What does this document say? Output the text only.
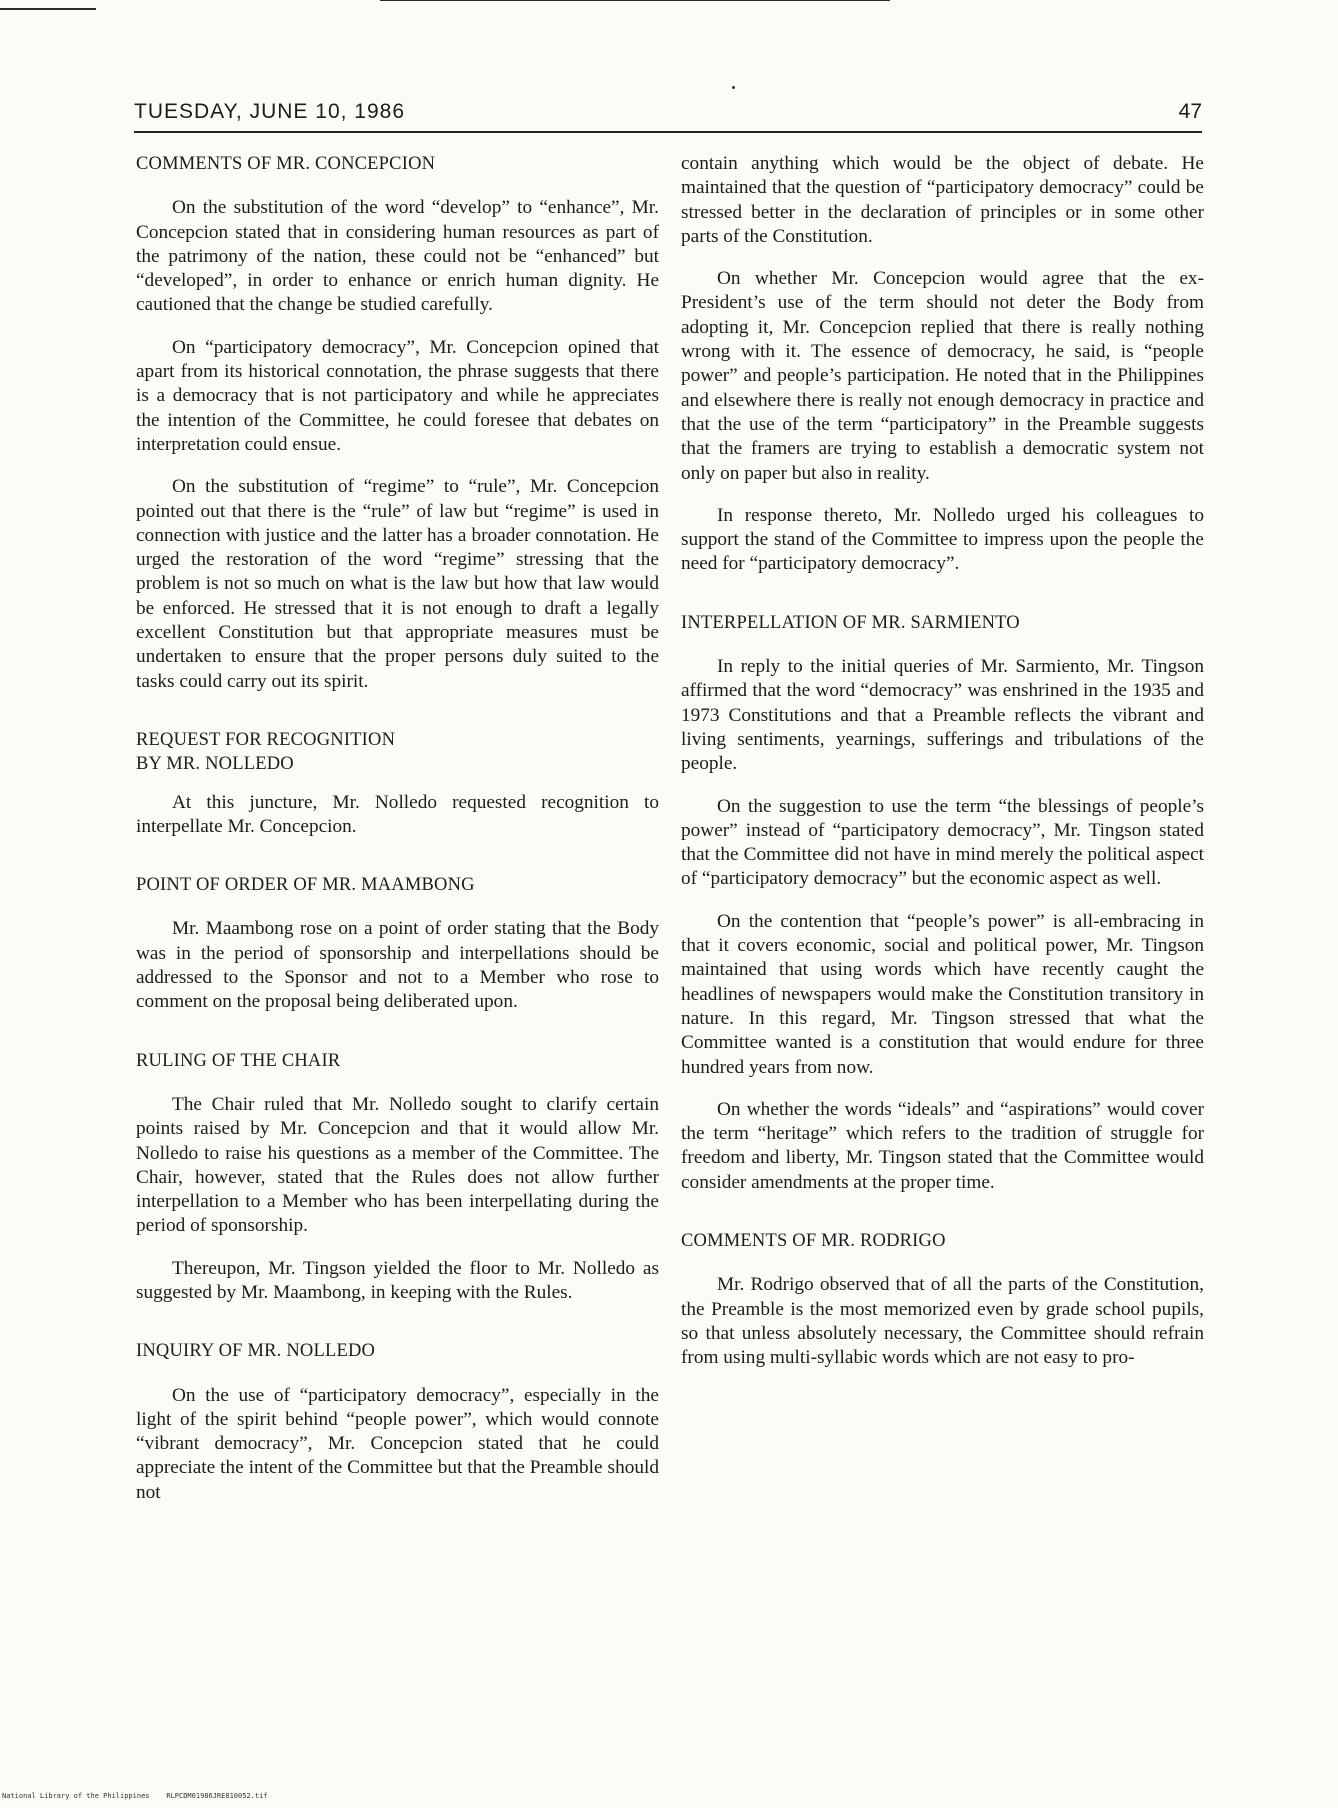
TUESDAY, JUNE 10, 1986	47
COMMENTS OF MR. CONCEPCION

On the substitution of the word “develop” to “enhance”, Mr. Concepcion stated that in considering human resources as part of the patrimony of the nation, these could not be “enhanced” but “developed”, in order to enhance or enrich human dignity. He cautioned that the change be studied carefully.

On “participatory democracy”, Mr. Concepcion opined that apart from its historical connotation, the phrase suggests that there is a democracy that is not participatory and while he appreciates the intention of the Committee, he could foresee that debates on interpretation could ensue.

On the substitution of “regime” to “rule”, Mr. Concepcion pointed out that there is the “rule” of law but “regime” is used in connection with justice and the latter has a broader connotation. He urged the restoration of the word “regime” stressing that the problem is not so much on what is the law but how that law would be enforced. He stressed that it is not enough to draft a legally excellent Constitution but that appropriate measures must be undertaken to ensure that the proper persons duly suited to the tasks could carry out its spirit.

REQUEST FOR RECOGNITION
BY MR. NOLLEDO

At this juncture, Mr. Nolledo requested recognition to interpellate Mr. Concepcion.

POINT OF ORDER OF MR. MAAMBONG

Mr. Maambong rose on a point of order stating that the Body was in the period of sponsorship and interpellations should be addressed to the Sponsor and not to a Member who rose to comment on the proposal being deliberated upon.

RULING OF THE CHAIR

The Chair ruled that Mr. Nolledo sought to clarify certain points raised by Mr. Concepcion and that it would allow Mr. Nolledo to raise his questions as a member of the Committee. The Chair, however, stated that the Rules does not allow further interpellation to a Member who has been interpellating during the period of sponsorship.

Thereupon, Mr. Tingson yielded the floor to Mr. Nolledo as suggested by Mr. Maambong, in keeping with the Rules.

INQUIRY OF MR. NOLLEDO

On the use of “participatory democracy”, especially in the light of the spirit behind “people power”, which would connote “vibrant democracy”, Mr. Concepcion stated that he could appreciate the intent of the Committee but that the Preamble should not

contain anything which would be the object of debate. He maintained that the question of “participatory democracy” could be stressed better in the declaration of principles or in some other parts of the Constitution.

On whether Mr. Concepcion would agree that the ex-President’s use of the term should not deter the Body from adopting it, Mr. Concepcion replied that there is really nothing wrong with it. The essence of democracy, he said, is “people power” and people’s participation. He noted that in the Philippines and elsewhere there is really not enough democracy in practice and that the use of the term “participatory” in the Preamble suggests that the framers are trying to establish a democratic system not only on paper but also in reality.

In response thereto, Mr. Nolledo urged his colleagues to support the stand of the Committee to impress upon the people the need for “participatory democracy”.

INTERPELLATION OF MR. SARMIENTO

In reply to the initial queries of Mr. Sarmiento, Mr. Tingson affirmed that the word “democracy” was enshrined in the 1935 and 1973 Constitutions and that a Preamble reflects the vibrant and living sentiments, yearnings, sufferings and tribulations of the people.

On the suggestion to use the term “the blessings of people’s power” instead of “participatory democracy”, Mr. Tingson stated that the Committee did not have in mind merely the political aspect of “participatory democracy” but the economic aspect as well.

On the contention that “people’s power” is all-embracing in that it covers economic, social and political power, Mr. Tingson maintained that using words which have recently caught the headlines of newspapers would make the Constitution transitory in nature. In this regard, Mr. Tingson stressed that what the Committee wanted is a constitution that would endure for three hundred years from now.

On whether the words “ideals” and “aspirations” would cover the term “heritage” which refers to the tradition of struggle for freedom and liberty, Mr. Tingson stated that the Committee would consider amendments at the proper time.

COMMENTS OF MR. RODRIGO

Mr. Rodrigo observed that of all the parts of the Constitution, the Preamble is the most memorized even by grade school pupils, so that unless absolutely necessary, the Committee should refrain from using multi-syllabic words which are not easy to pro-

National Library of the Philippines    RLPCDM01986JRE810052.tif
